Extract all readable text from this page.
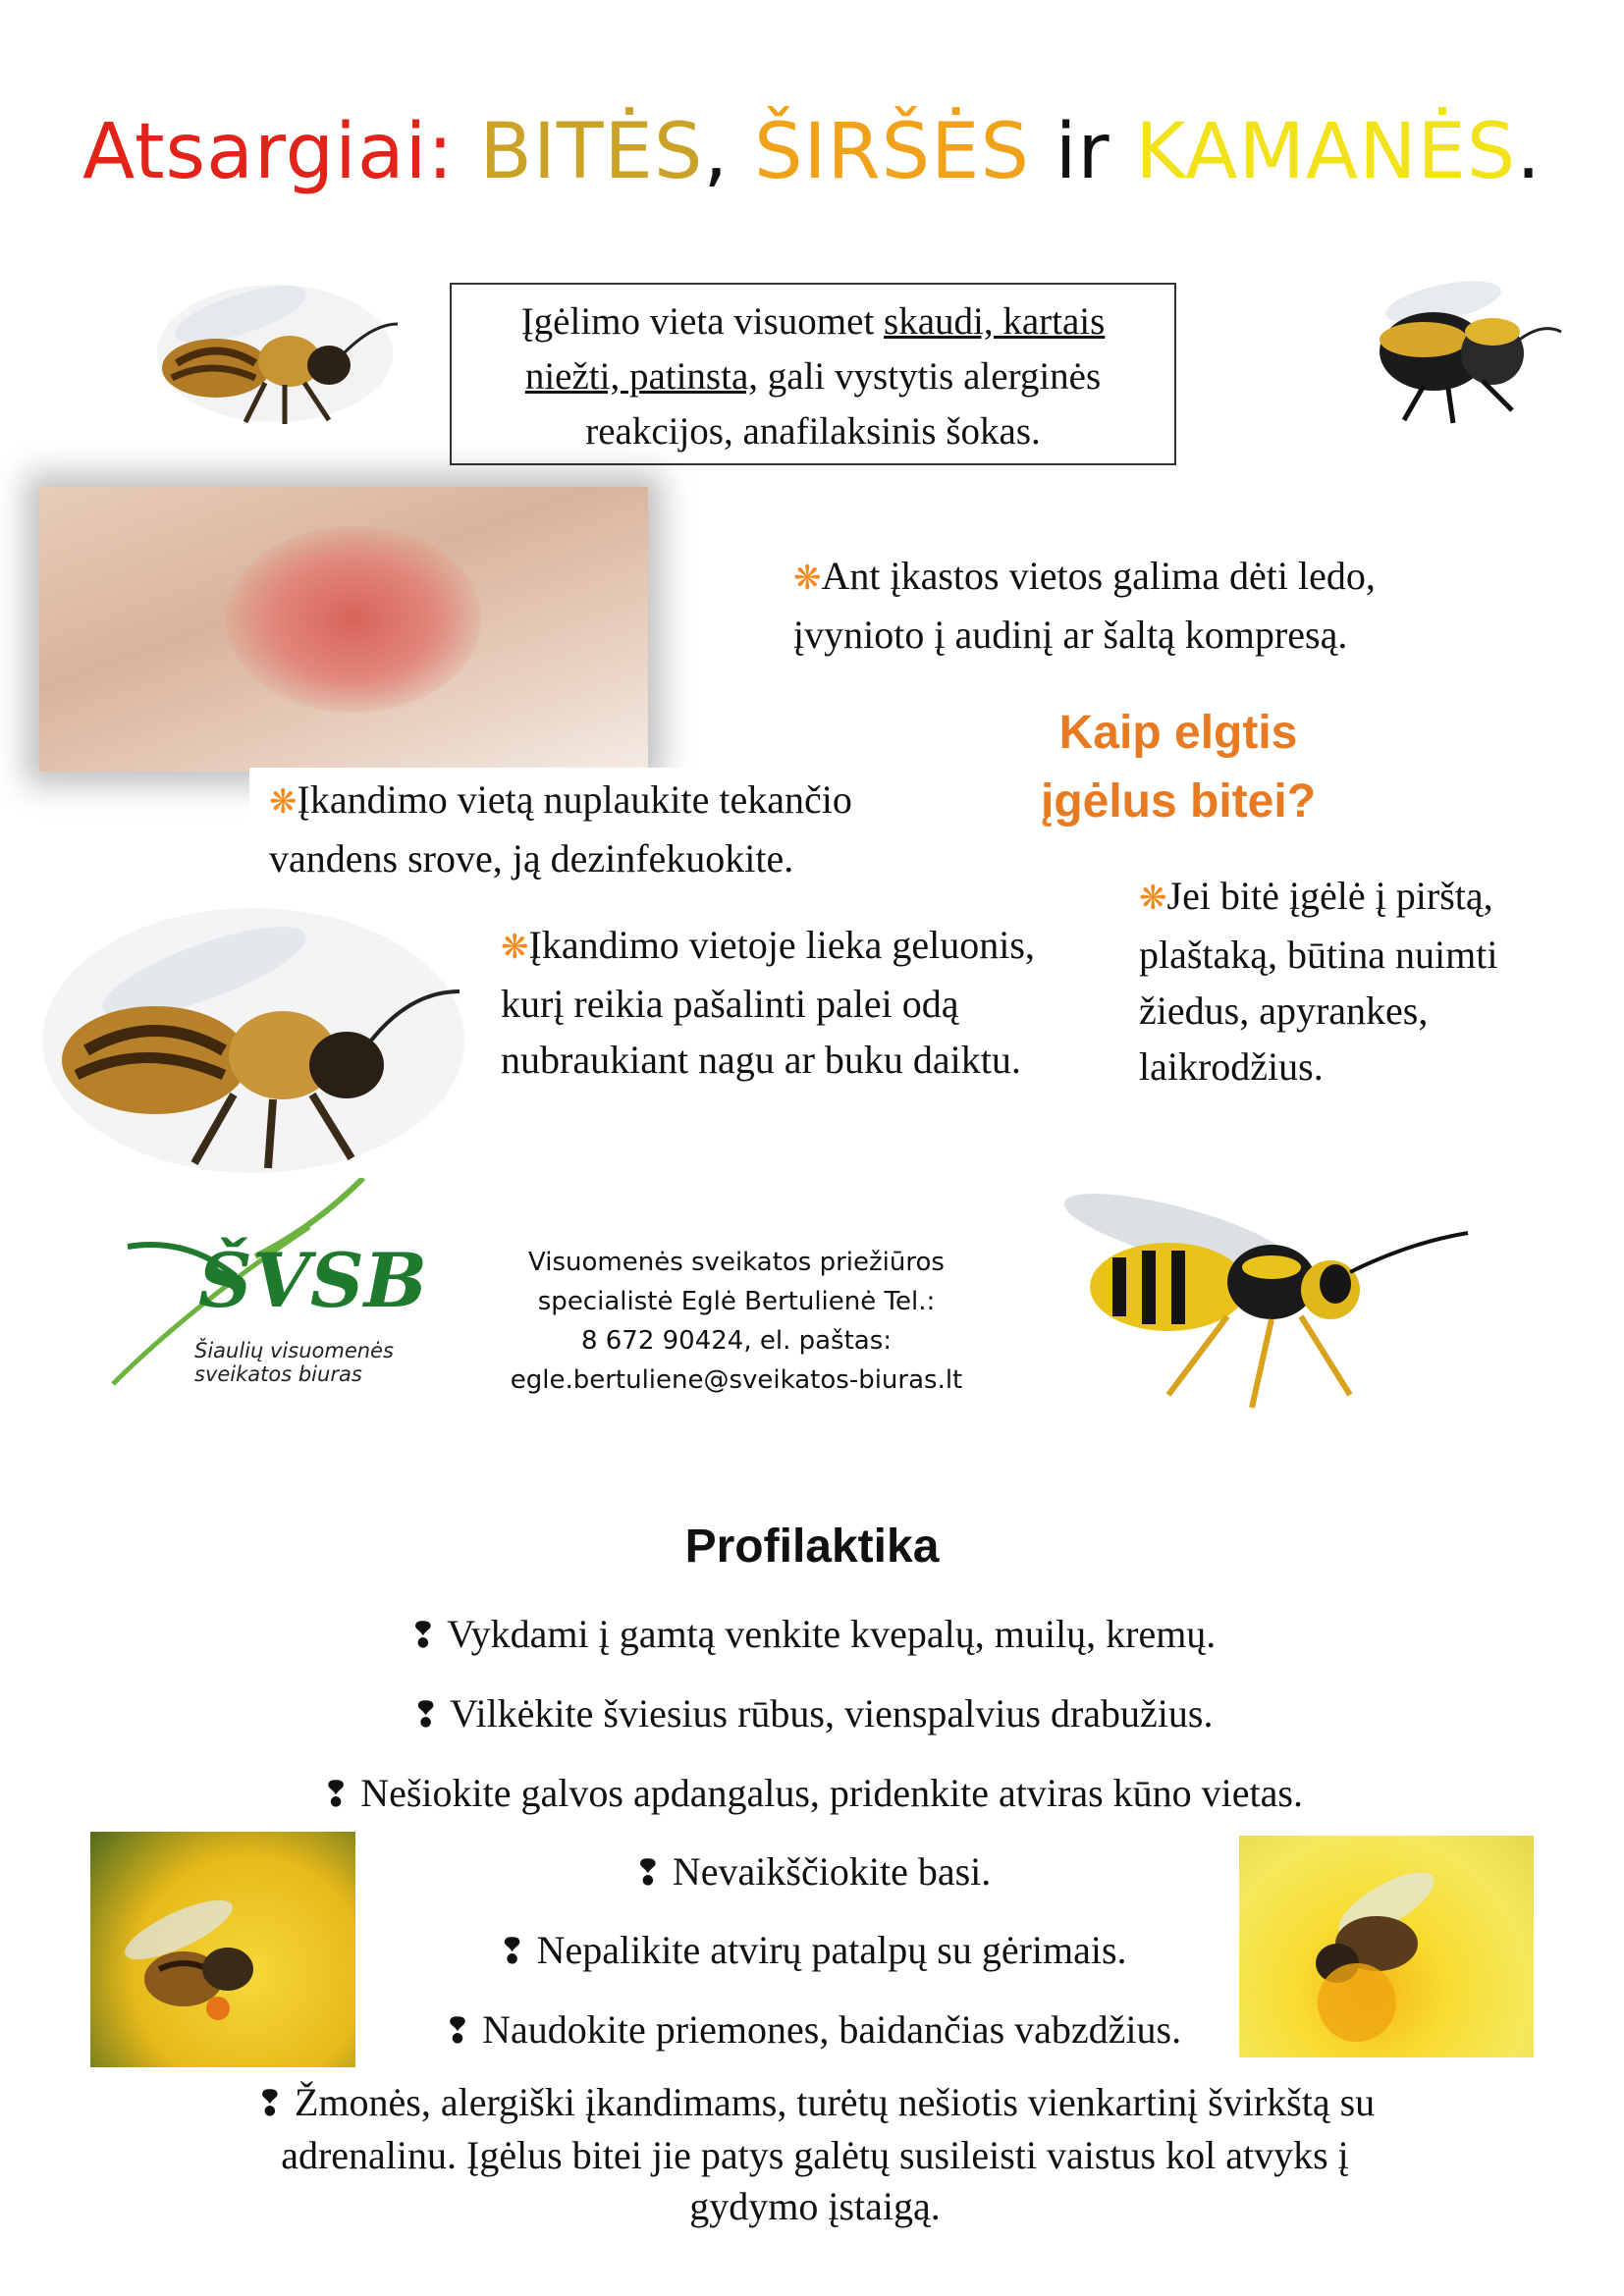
Atsargiai: BITĖS, ŠIRŠĖS ir KAMANĖS.
Įgėlimo vieta visuomet skaudi, kartais
niežti, patinsta, gali vystytis alerginės
reakcijos, anafilaksinis šokas.
❋Ant įkastos vietos galima dėti ledo,
įvynioto į audinį ar šaltą kompresą.
Kaip elgtis
įgėlus bitei?
❋Įkandimo vietą nuplaukite tekančio
vandens srove, ją dezinfekuokite.
❋Įkandimo vietoje lieka geluonis,
kurį reikia pašalinti palei odą
nubraukiant nagu ar buku daiktu.
❋Jei bitė įgėlė į pirštą,
plaštaką, būtina nuimti
žiedus, apyrankes,
laikrodžius.
ŠVSB
Šiaulių visuomenės
sveikatos biuras
Visuomenės sveikatos priežiūros
specialistė Eglė Bertulienė Tel.:
8 672 90424, el. paštas:
egle.bertuliene@sveikatos-biuras.lt
Profilaktika
❢ Vykdami į gamtą venkite kvepalų, muilų, kremų.
❢ Vilkėkite šviesius rūbus, vienspalvius drabužius.
❢ Nešiokite galvos apdangalus, pridenkite atviras kūno vietas.
❢ Nevaikščiokite basi.
❢ Nepalikite atvirų patalpų su gėrimais.
❢ Naudokite priemones, baidančias vabzdžius.
❢ Žmonės, alergiški įkandimams, turėtų nešiotis vienkartinį švirkštą su
adrenalinu. Įgėlus bitei jie patys galėtų susileisti vaistus kol atvyks į
gydymo įstaigą.
